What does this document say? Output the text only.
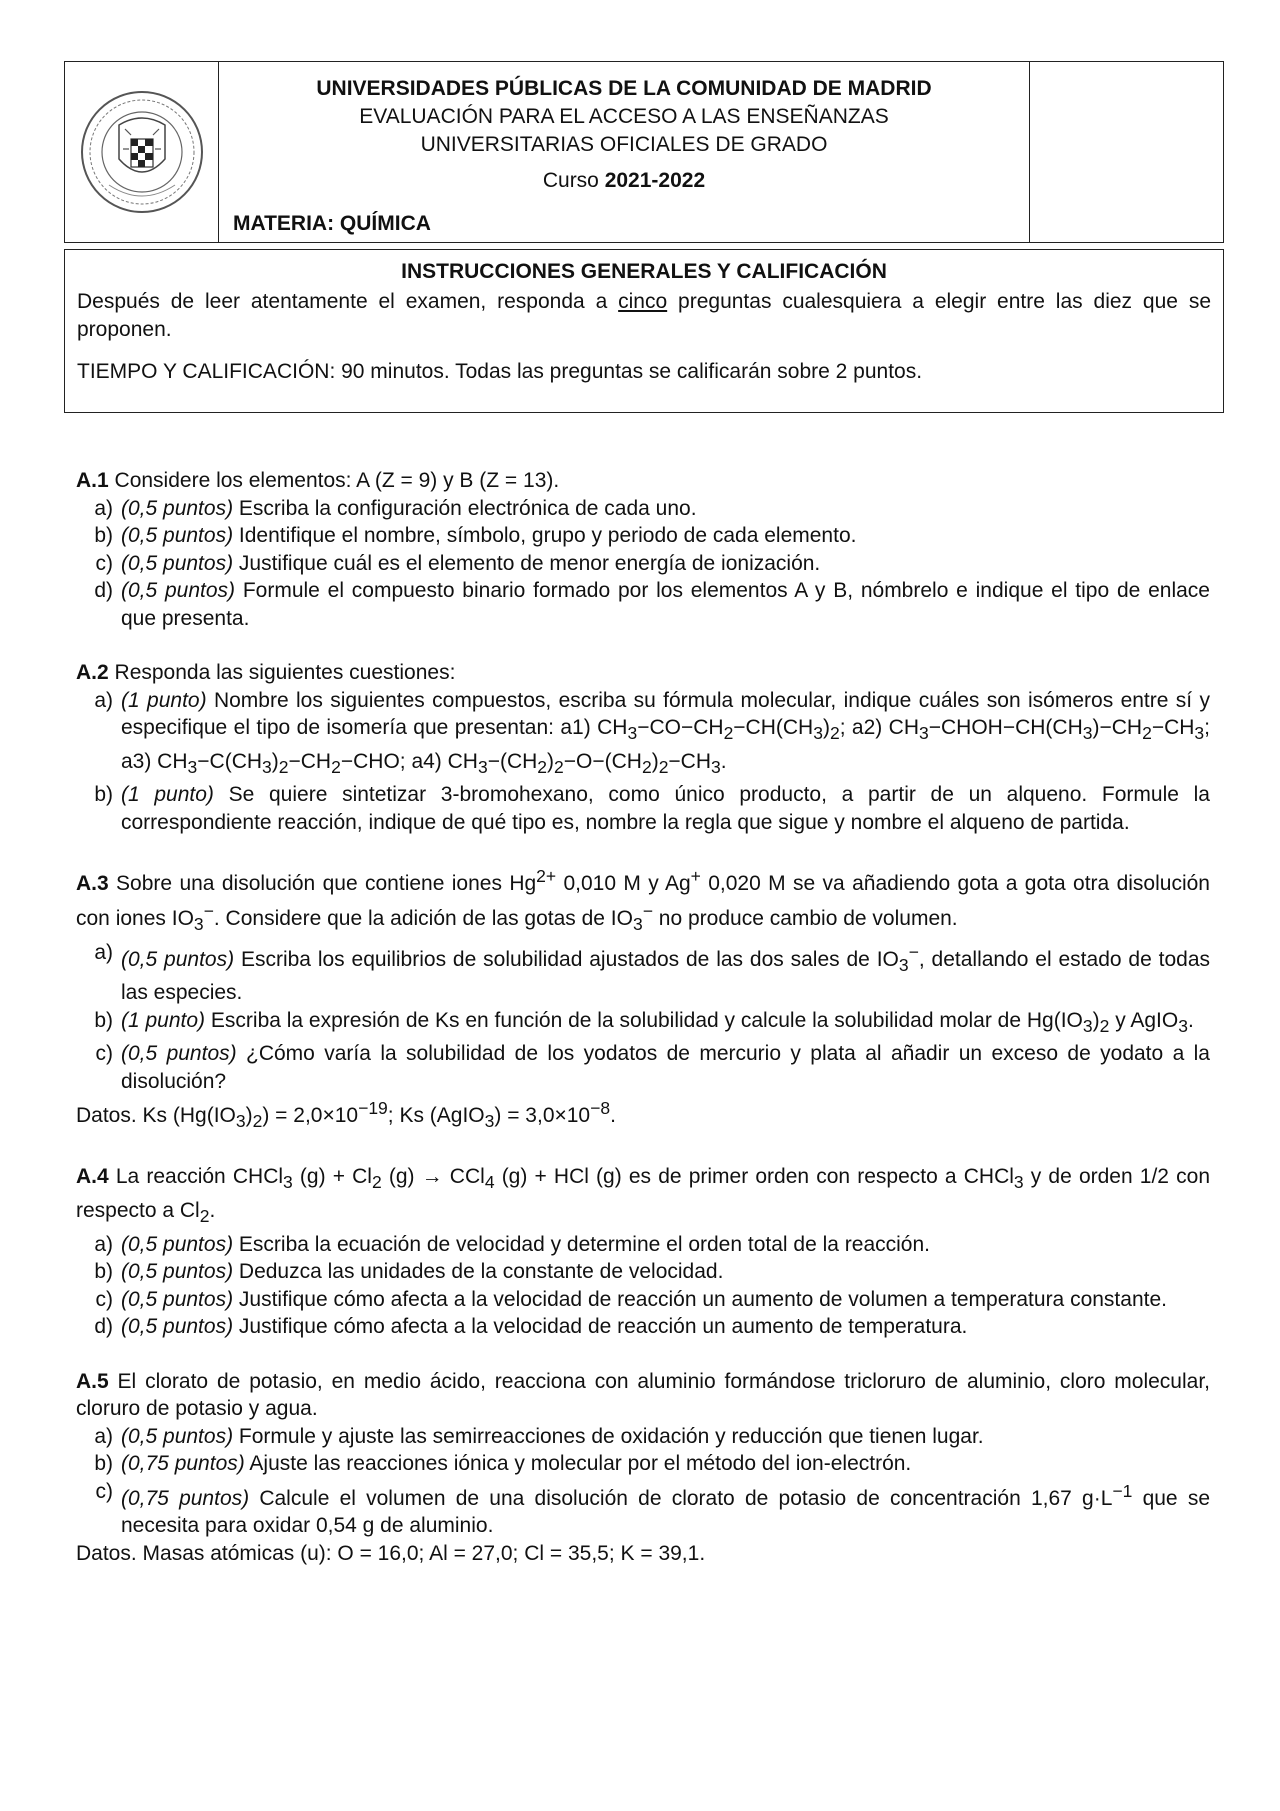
UNIVERSIDADES PÚBLICAS DE LA COMUNIDAD DE MADRID
EVALUACIÓN PARA EL ACCESO A LAS ENSEÑANZAS
UNIVERSITARIAS OFICIALES DE GRADO
Curso 2021-2022
MATERIA: QUÍMICA
INSTRUCCIONES GENERALES Y CALIFICACIÓN
Después de leer atentamente el examen, responda a cinco preguntas cualesquiera a elegir entre las diez que se proponen.
TIEMPO Y CALIFICACIÓN: 90 minutos. Todas las preguntas se calificarán sobre 2 puntos.
A.1 Considere los elementos: A (Z = 9) y B (Z = 13).
a) (0,5 puntos) Escriba la configuración electrónica de cada uno.
b) (0,5 puntos) Identifique el nombre, símbolo, grupo y periodo de cada elemento.
c) (0,5 puntos) Justifique cuál es el elemento de menor energía de ionización.
d) (0,5 puntos) Formule el compuesto binario formado por los elementos A y B, nómbrelo e indique el tipo de enlace que presenta.
A.2 Responda las siguientes cuestiones:
a) (1 punto) Nombre los siguientes compuestos, escriba su fórmula molecular, indique cuáles son isómeros entre sí y especifique el tipo de isomería que presentan: a1) $CH_3-CO-CH_2-CH(CH_3)_2$; a2) $CH_3-CHOH-CH(CH_3)-CH_2-CH_3$; a3) $CH_3-C(CH_3)_2-CH_2-CHO$; a4) $CH_3-(CH_2)_2-O-(CH_2)_2-CH_3$.
b) (1 punto) Se quiere sintetizar 3-bromohexano, como único producto, a partir de un alqueno. Formule la correspondiente reacción, indique de qué tipo es, nombre la regla que sigue y nombre el alqueno de partida.
A.3 Sobre una disolución que contiene iones $Hg^{2+}$ 0,010 M y Ag+ 0,020 M se va añadiendo gota a gota otra disolución con iones $IO_3^-$. Considere que la adición de las gotas de $IO_3^-$ no produce cambio de volumen.
a) (0,5 puntos) Escriba los equilibrios de solubilidad ajustados de las dos sales de $IO_3^-$, detallando el estado de todas las especies.
b) (1 punto) Escriba la expresión de Ks en función de la solubilidad y calcule la solubilidad molar de $Hg(IO_3)_2$ y AgIO$_3$.
c) (0,5 puntos) ¿Cómo varía la solubilidad de los yodatos de mercurio y plata al añadir un exceso de yodato a la disolución?
Datos. Ks $(Hg(IO_3)_2) = 2,0\times 10^{-19}$; Ks (AgIO$_3$) = $3,0\times 10^{-8}$.
A.4 La reacción CHCl$_3$ $(g) + Cl_2$ (g) → CCl$_4$ (g) + HCl (g) es de primer orden con respecto a CHCl$_3$ y de orden 1/2 con respecto a $Cl_2$.
a) (0,5 puntos) Escriba la ecuación de velocidad y determine el orden total de la reacción.
b) (0,5 puntos) Deduzca las unidades de la constante de velocidad.
c) (0,5 puntos) Justifique cómo afecta a la velocidad de reacción un aumento de volumen a temperatura constante.
d) (0,5 puntos) Justifique cómo afecta a la velocidad de reacción un aumento de temperatura.
A.5 El clorato de potasio, en medio ácido, reacciona con aluminio formándose tricloruro de aluminio, cloro molecular, cloruro de potasio y agua.
a) (0,5 puntos) Formule y ajuste las semirreacciones de oxidación y reducción que tienen lugar.
b) (0,75 puntos) Ajuste las reacciones iónica y molecular por el método del ion-electrón.
c) (0,75 puntos) Calcule el volumen de una disolución de clorato de potasio de concentración 1,67 $g\cdot L^{-1}$ que se necesita para oxidar 0,54 g de aluminio.
Datos. Masas atómicas (u): O = 16,0; Al = 27,0; Cl = 35,5; K = 39,1.
